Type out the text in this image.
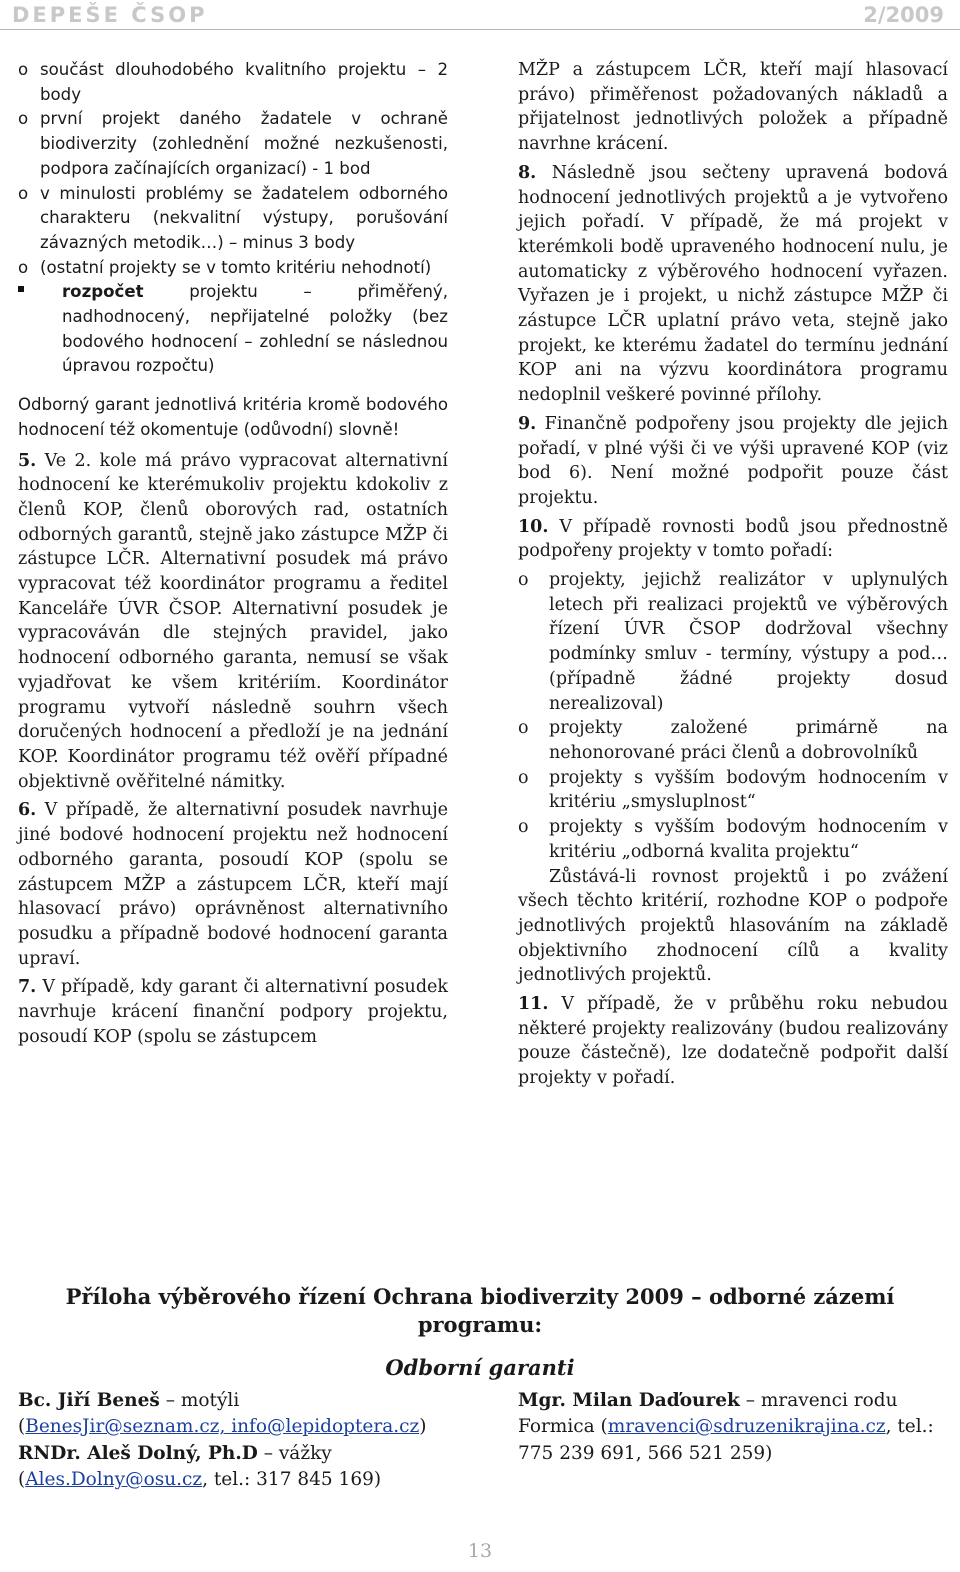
DEPEŠE ČSOP	2/2009
o součást dlouhodobého kvalitního projektu – 2 body
o první projekt daného žadatele v ochraně biodiverzity (zohlednění možné nezkušenosti, podpora začínajících organizací) - 1 bod
o v minulosti problémy se žadatelem odborného charakteru (nekvalitní výstupy, porušování závazných metodik…) – minus 3 body
o (ostatní projekty se v tomto kritériu nehodnotí)
rozpočet projektu – přiměřený, nadhodnocený, nepřijatelné položky (bez bodového hodnocení – zohlední se následnou úpravou rozpočtu)

Odborný garant jednotlivá kritéria kromě bodového hodnocení též okomentuje (odůvodní) slovně!

5. Ve 2. kole má právo vypracovat alternativní hodnocení ke kterémukoliv projektu kdokoliv z členů KOP, členů oborových rad, ostatních odborných garantů, stejně jako zástupce MŽP či zástupce LČR. Alternativní posudek má právo vypracovat též koordinátor programu a ředitel Kanceláře ÚVR ČSOP. Alternativní posudek je vypracováván dle stejných pravidel, jako hodnocení odborného garanta, nemusí se však vyjadřovat ke všem kritériím. Koordinátor programu vytvoří následně souhrn všech doručených hodnocení a předloží je na jednání KOP. Koordinátor programu též ověří případné objektivně ověřitelné námitky.

6. V případě, že alternativní posudek navrhuje jiné bodové hodnocení projektu než hodnocení odborného garanta, posoudí KOP (spolu se zástupcem MŽP a zástupcem LČR, kteří mají hlasovací právo) oprávněnost alternativního posudku a případně bodové hodnocení garanta upraví.

7. V případě, kdy garant či alternativní posudek navrhuje krácení finanční podpory projektu, posoudí KOP (spolu se zástupcem

MŽP a zástupcem LČR, kteří mají hlasovací právo) přiměřenost požadovaných nákladů a přijatelnost jednotlivých položek a případně navrhne krácení.

8. Následně jsou sečteny upravená bodová hodnocení jednotlivých projektů a je vytvořeno jejich pořadí. V případě, že má projekt v kterémkoli bodě upraveného hodnocení nulu, je automaticky z výběrového hodnocení vyřazen. Vyřazen je i projekt, u nichž zástupce MŽP či zástupce LČR uplatní právo veta, stejně jako projekt, ke kterému žadatel do termínu jednání KOP ani na výzvu koordinátora programu nedoplnil veškeré povinné přílohy.

9. Finančně podpořeny jsou projekty dle jejich pořadí, v plné výši či ve výši upravené KOP (viz bod 6). Není možné podpořit pouze část projektu.

10. V případě rovnosti bodů jsou přednostně podpořeny projekty v tomto pořadí:

o	projekty, jejichž realizátor v uplynulých letech při realizaci projektů ve výběrových řízení ÚVR ČSOP dodržoval všechny podmínky smluv - termíny, výstupy a pod…(případně žádné projekty dosud nerealizoval)
o	projekty založené primárně na nehonorované práci členů a dobrovolníků
o	projekty s vyšším bodovým hodnocením v kritériu „smysluplnost“
o	projekty s vyšším bodovým hodnocením v kritériu „odborná kvalita projektu“

Zůstává-li rovnost projektů i po zvážení všech těchto kritérií, rozhodne KOP o podpoře jednotlivých projektů hlasováním na základě objektivního zhodnocení cílů a kvality jednotlivých projektů.

11. V případě, že v průběhu roku nebudou některé projekty realizovány (budou realizovány pouze částečně), lze dodatečně podpořit další projekty v pořadí.

Příloha výběrového řízení Ochrana biodiverzity 2009 – odborné zázemí programu:
Odborní garanti
Bc. Jiří Beneš – motýli
(BenesJir@seznam.cz, info@lepidoptera.cz)
RNDr. Aleš Dolný, Ph.D – vážky
(Ales.Dolny@osu.cz, tel.: 317 845 169)
Mgr. Milan Daďourek – mravenci rodu Formica (mravenci@sdruzenikrajina.cz, tel.: 775 239 691, 566 521 259)
13
